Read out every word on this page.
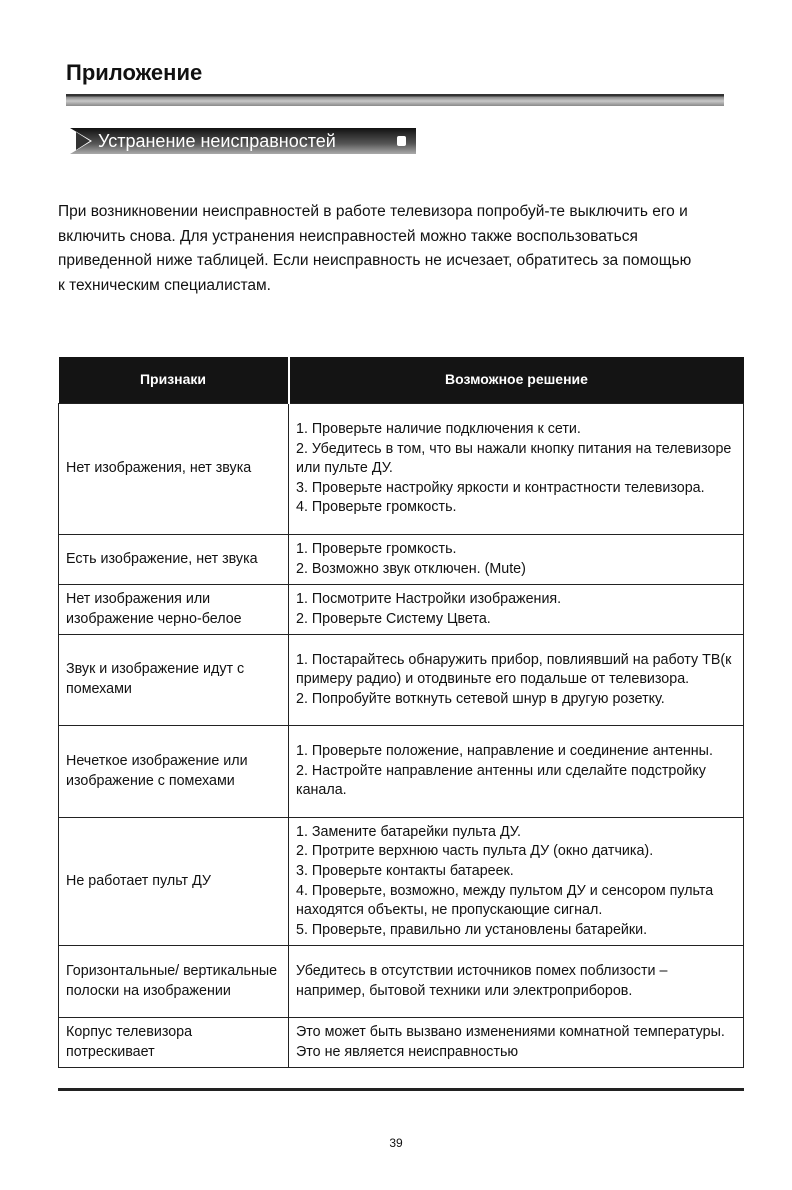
Приложение
Устранение неисправностей
При возникновении неисправностей в работе телевизора попробуй-те выключить его и включить снова. Для устранения неисправностей можно также воспользоваться приведенной ниже таблицей. Если неисправность не исчезает, обратитесь за помощью к техническим специалистам.
Признаки	Возможное решение
Нет изображения, нет звука	1. Проверьте наличие подключения к сети.
2. Убедитесь в том, что вы нажали кнопку питания на телевизоре или пульте ДУ.
3. Проверьте настройку яркости и контрастности телевизора.
4. Проверьте громкость.

Есть изображение, нет звука	1. Проверьте громкость.
2. Возможно звук отключен. (Mute)

Нет изображения или изображение черно-белое	1. Посмотрите Настройки изображения.
2. Проверьте Систему Цвета.

Звук и изображение идут с помехами	1. Постарайтесь обнаружить прибор, повлиявший на работу ТВ(к примеру радио) и отодвиньте его подальше от телевизора.
2. Попробуйте воткнуть сетевой шнур в другую розетку.

Нечеткое изображение или изображение с помехами	1. Проверьте положение, направление и соединение антенны.
2. Настройте направление антенны или сделайте подстройку канала.

Не работает пульт ДУ	1. Замените батарейки пульта ДУ.
2. Протрите верхнюю часть пульта ДУ (окно датчика).
3. Проверьте контакты батареек.
4. Проверьте, возможно, между пультом ДУ и сенсором пульта находятся объекты, не пропускающие сигнал.
5. Проверьте, правильно ли установлены батарейки.

Горизонтальные/ вертикальные полоски на изображении	Убедитесь в отсутствии источников помех поблизости – например, бытовой техники или электроприборов.

Корпус телевизора потрескивает	Это может быть вызвано изменениями комнатной температуры. Это не является неисправностью
39
